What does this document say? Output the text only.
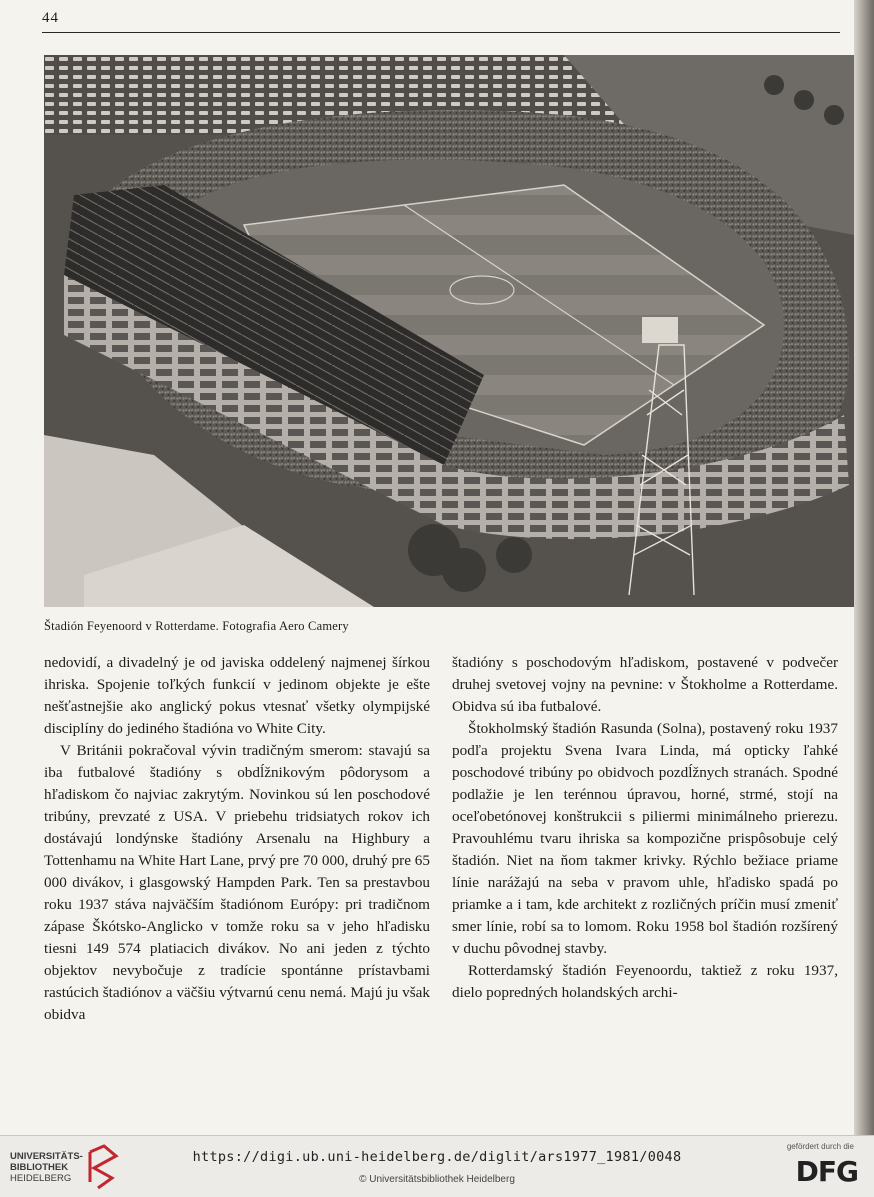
44
Štadión Feyenoord v Rotterdame. Fotografia Aero Camery

nedovidí, a divadelný je od javiska oddelený najmenej šírkou ihriska. Spojenie toľkých funkcií v jedinom objekte je ešte nešťastnejšie ako anglický pokus vtesnať všetky olympijské disciplíny do jediného štadióna vo White City.

V Británii pokračoval vývin tradičným smerom: stavajú sa iba futbalové štadióny s obdĺžnikovým pôdorysom a hľadiskom čo najviac zakrytým. Novinkou sú len poschodové tribúny, prevzaté z USA. V priebehu tridsiatych rokov ich dostávajú londýnske štadióny Arsenalu na Highbury a Tottenhamu na White Hart Lane, prvý pre 70 000, druhý pre 65 000 divákov, i glasgowský Hampden Park. Ten sa prestavbou roku 1937 stáva najväčším štadiónom Európy: pri tradičnom zápase Škótsko-Anglicko v tomže roku sa v jeho hľadisku tiesni 149 574 platiacich divákov. No ani jeden z týchto objektov nevybočuje z tradície spontánne prístavbami rastúcich štadiónov a väčšiu výtvarnú cenu nemá. Majú ju však obidva

štadióny s poschodovým hľadiskom, postavené v podvečer druhej svetovej vojny na pevnine: v Štokholme a Rotterdame. Obidva sú iba futbalové.

Štokholmský štadión Rasunda (Solna), postavený roku 1937 podľa projektu Svena Ivara Linda, má opticky ľahké poschodové tribúny po obidvoch pozdĺžnych stranách. Spodné podlažie je len terénnou úpravou, horné, strmé, stojí na oceľobetónovej konštrukcii s piliermi minimálneho prierezu. Pravouhlému tvaru ihriska sa kompozične prispôsobuje celý štadión. Niet na ňom takmer krivky. Rýchlo bežiace priame línie narážajú na seba v pravom uhle, hľadisko spadá po priamke a i tam, kde architekt z rozličných príčin musí zmeniť smer línie, robí sa to lomom. Roku 1958 bol štadión rozšírený v duchu pôvodnej stavby.

Rotterdamský štadión Feyenoordu, taktiež z roku 1937, dielo popredných holandských archi-

UNIVERSITÄTS-
BIBLIOTHEK
HEIDELBERG
https://digi.ub.uni-heidelberg.de/diglit/ars1977_1981/0048
© Universitätsbibliothek Heidelberg
gefördert durch die
DFG
